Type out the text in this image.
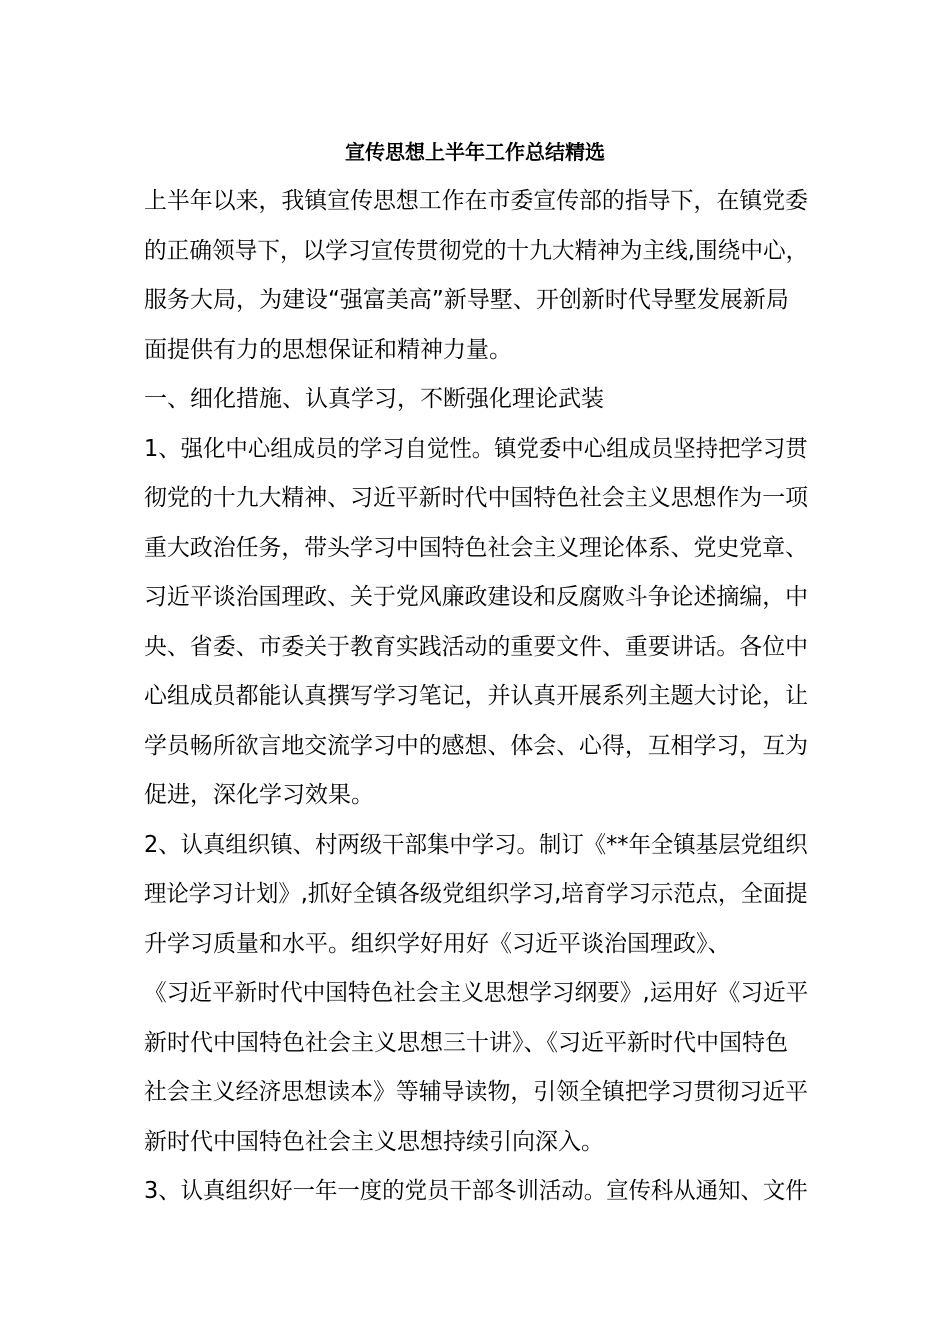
宣传思想上半年工作总结精选
上半年以来，我镇宣传思想工作在市委宣传部的指导下，在镇党委
的正确领导下，以学习宣传贯彻党的十九大精神为主线,围绕中心，
服务大局，为建设“强富美高”新导墅、开创新时代导墅发展新局
面提供有力的思想保证和精神力量。
一、细化措施、认真学习，不断强化理论武装
1、强化中心组成员的学习自觉性。镇党委中心组成员坚持把学习贯
彻党的十九大精神、习近平新时代中国特色社会主义思想作为一项
重大政治任务，带头学习中国特色社会主义理论体系、党史党章、
习近平谈治国理政、关于党风廉政建设和反腐败斗争论述摘编，中
央、省委、市委关于教育实践活动的重要文件、重要讲话。各位中
心组成员都能认真撰写学习笔记，并认真开展系列主题大讨论，让
学员畅所欲言地交流学习中的感想、体会、心得，互相学习，互为
促进，深化学习效果。
2、认真组织镇、村两级干部集中学习。制订《**年全镇基层党组织
理论学习计划》,抓好全镇各级党组织学习,培育学习示范点，全面提
升学习质量和水平。组织学好用好《习近平谈治国理政》、
《习近平新时代中国特色社会主义思想学习纲要》,运用好《习近平
新时代中国特色社会主义思想三十讲》、《习近平新时代中国特色
社会主义经济思想读本》等辅导读物，引领全镇把学习贯彻习近平
新时代中国特色社会主义思想持续引向深入。
3、认真组织好一年一度的党员干部冬训活动。宣传科从通知、文件
